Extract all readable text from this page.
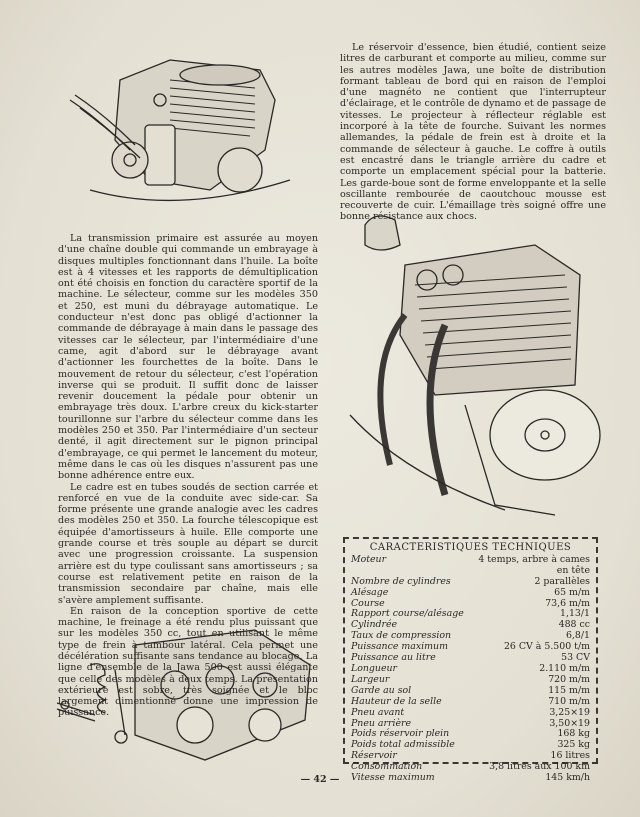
Le réservoir d'essence, bien étudié, contient seize litres de carburant et comporte au milieu, comme sur les autres modèles Jawa, une boîte de distribution formant tableau de bord qui en raison de l'emploi d'une magnéto ne contient que l'interrupteur d'éclairage, et le contrôle de dynamo et de passage de vitesses. Le projecteur à réflecteur réglable est incorporé à la tête de fourche. Suivant les normes allemandes, la pédale de frein est à droite et la commande de sélecteur à gauche. Le coffre à outils est encastré dans le triangle arrière du cadre et comporte un emplacement spécial pour la batterie. Les garde-boue sont de forme enveloppante et la selle oscillante rembourée de caoutchouc mousse est recouverte de cuir. L'émaillage très soigné offre une bonne résistance aux chocs.

La transmission primaire est assurée au moyen d'une chaîne double qui commande un embrayage à disques multiples fonctionnant dans l'huile. La boîte est à 4 vitesses et les rapports de démultiplication ont été choisis en fonction du caractère sportif de la machine. Le sélecteur, comme sur les modèles 350 et 250, est muni du débrayage automatique. Le conducteur n'est donc pas obligé d'actionner la commande de débrayage à main dans le passage des vitesses car le sélecteur, par l'intermédiaire d'une came, agit d'abord sur le débrayage avant d'actionner les fourchettes de la boîte. Dans le mouvement de retour du sélecteur, c'est l'opération inverse qui se produit. Il suffit donc de laisser revenir doucement la pédale pour obtenir un embrayage très doux. L'arbre creux du kick-starter tourillonne sur l'arbre du sélecteur comme dans les modèles 250 et 350. Par l'intermédiaire d'un secteur denté, il agit directement sur le pignon principal d'embrayage, ce qui permet le lancement du moteur, même dans le cas où les disques n'assurent pas une bonne adhérence entre eux.

Le cadre est en tubes soudés de section carrée et renforcé en vue de la conduite avec side-car. Sa forme présente une grande analogie avec les cadres des modèles 250 et 350. La fourche télescopique est équipée d'amortisseurs à huile. Elle comporte une grande course et très souple au départ se durcit avec une progression croissante. La suspension arrière est du type coulissant sans amortisseurs ; sa course est relativement petite en raison de la transmission secondaire par chaîne, mais elle s'avère amplement suffisante.

En raison de la conception sportive de cette machine, le freinage a été rendu plus puissant que sur les modèles 350 cc, tout en utilisant le même type de frein à tambour latéral. Cela permet une décélération suffisante sans tendance au blocage. La ligne d'ensemble de la Jawa 500 est aussi élégante que celle des modèles à deux temps. La présentation extérieure est sobre, très soignée et le bloc largement dimentionné donne une impression de puissance.

CARACTERISTIQUES TECHNIQUES
Moteur	4 temps, arbre à cames en tête
Nombre de cylindres	2 parallèles
Alésage	65 m/m
Course	73,6 m/m
Rapport course/alésage	1,13/1
Cylindrée	488 cc
Taux de compression	6,8/1
Puissance maximum	26 CV à 5.500 t/m
Puissance au litre	53 CV
Longueur	2.110 m/m
Largeur	720 m/m
Garde au sol	115 m/m
Hauteur de la selle	710 m/m
Pneu avant	3,25×19
Pneu arrière	3,50×19
Poids réservoir plein	168 kg
Poids total admissible	325 kg
Réservoir	16 litres
Consommation	3,8 litres aux 100 km
Vitesse maximum	145 km/h
— 42 —
